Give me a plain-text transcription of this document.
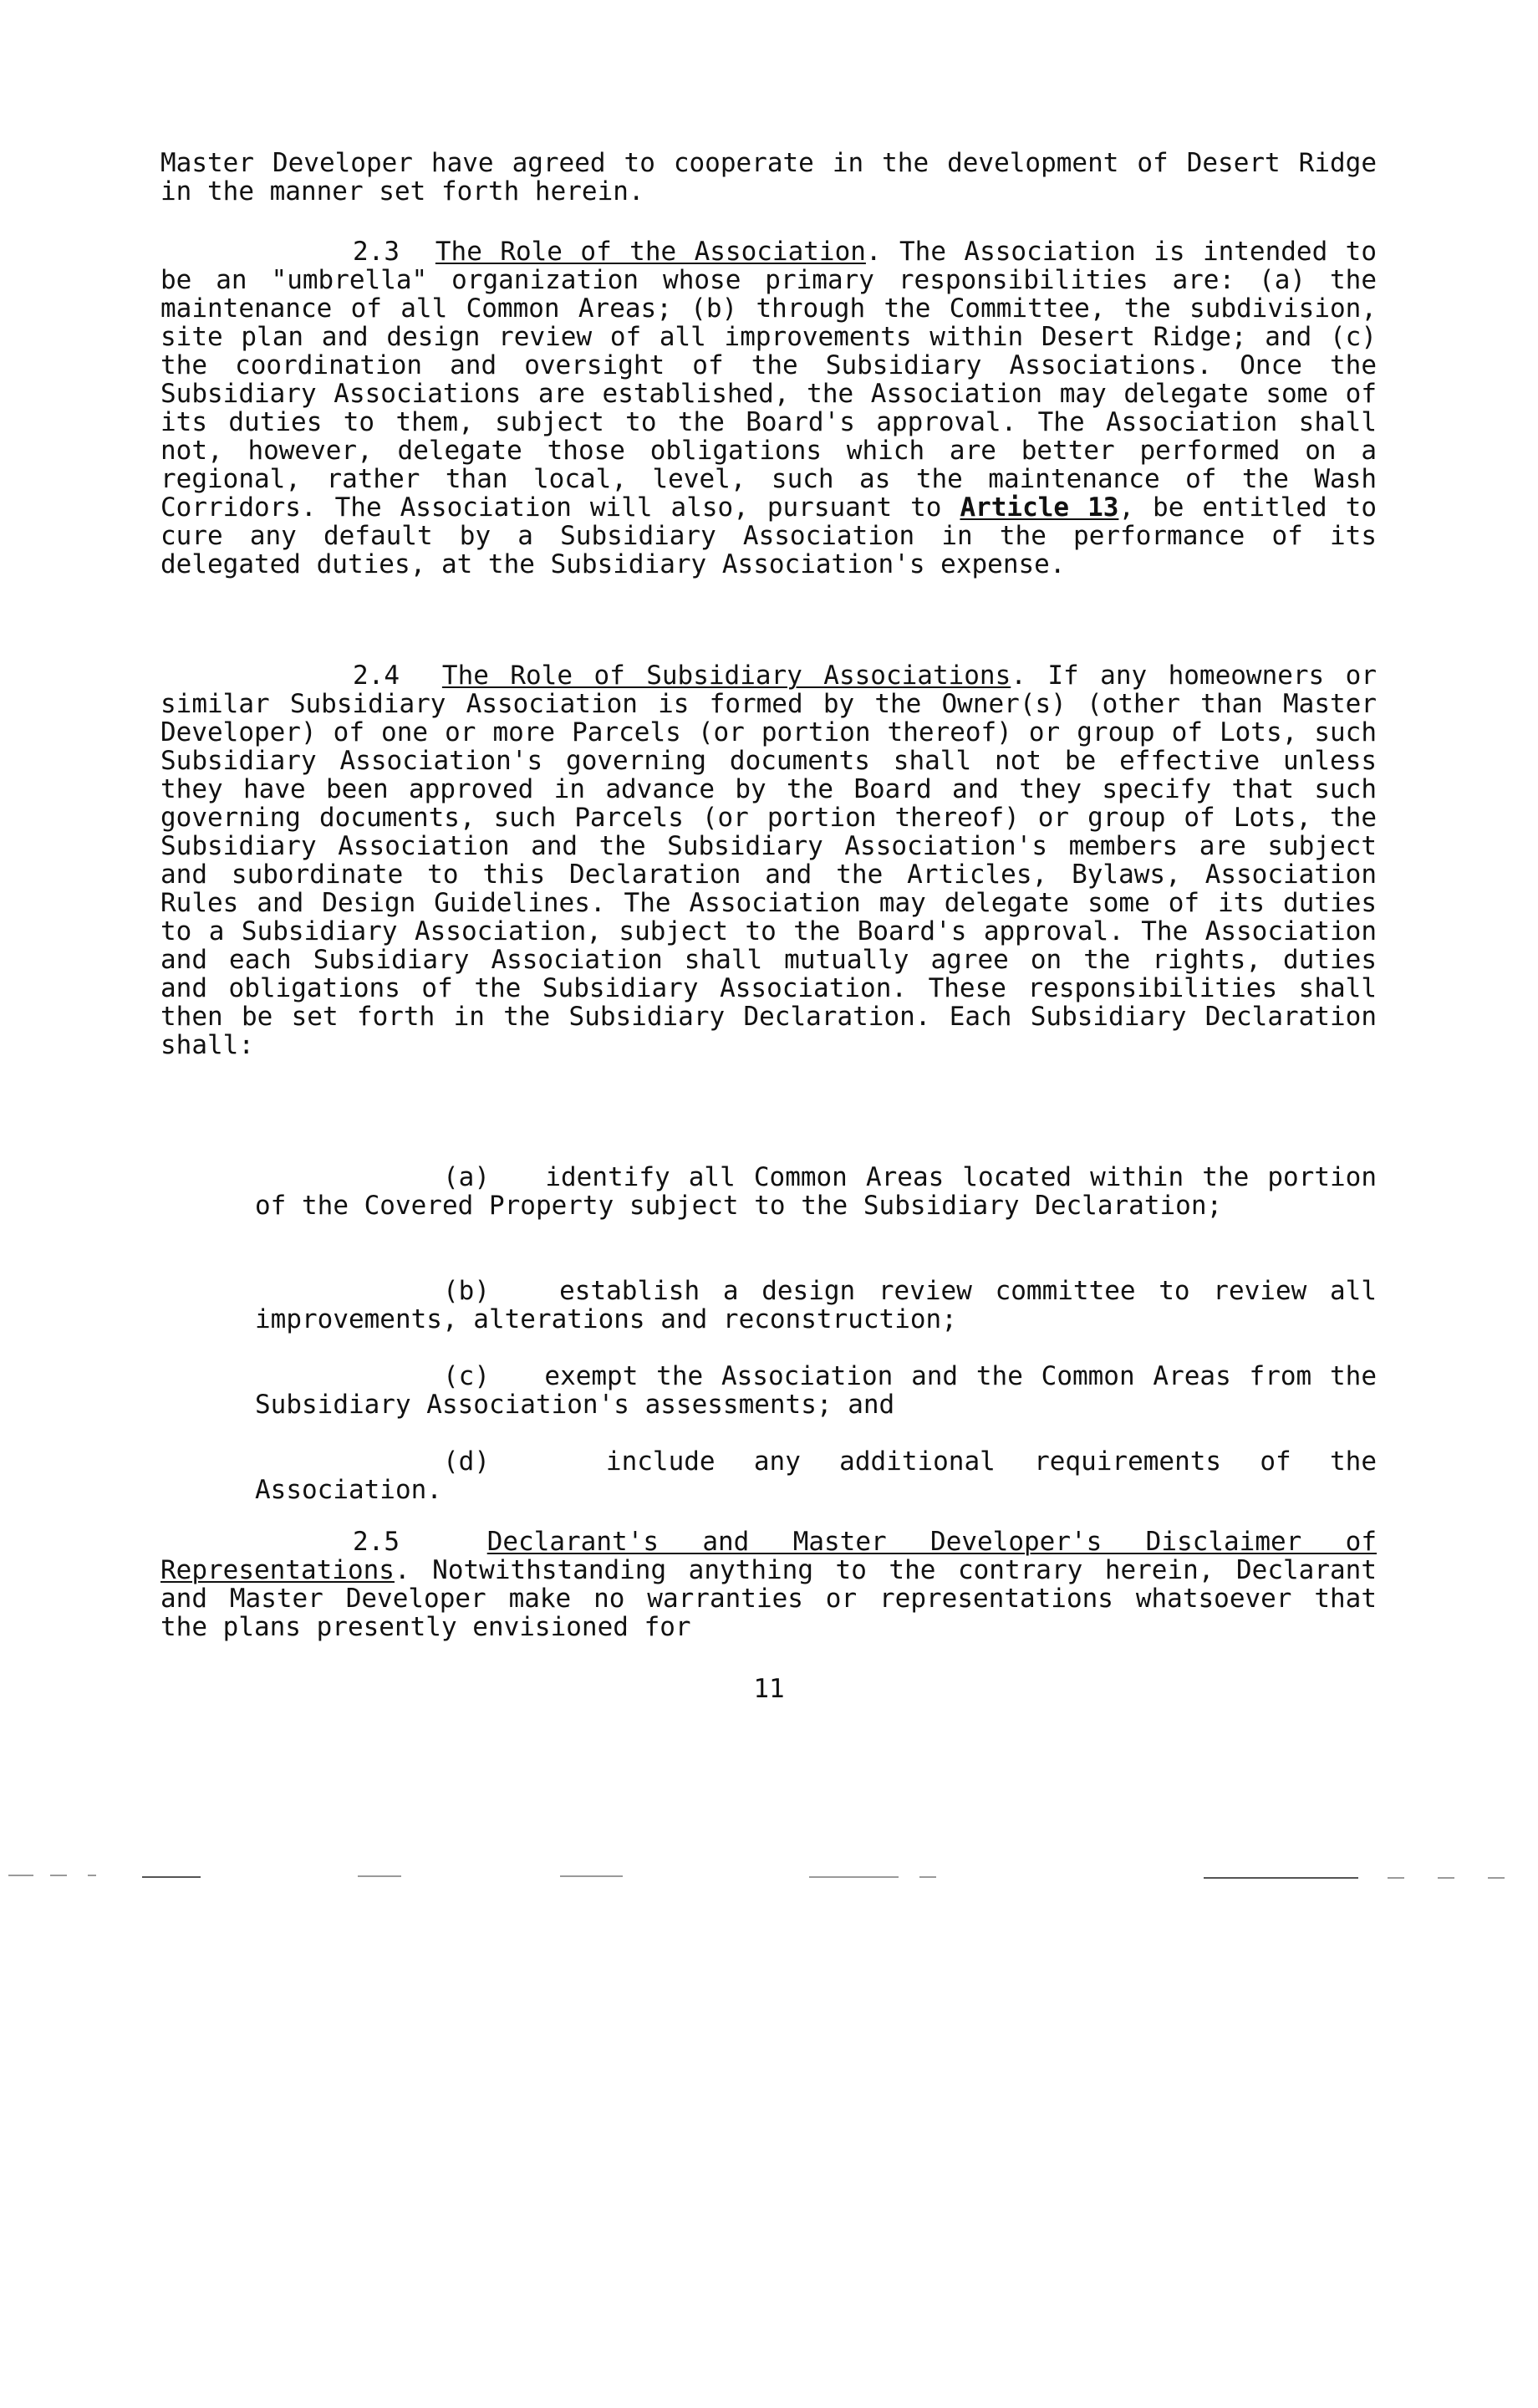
Master Developer have agreed to cooperate in the development of Desert Ridge in the manner set forth herein.

2.3 The Role of the Association. The Association is intended to be an "umbrella" organization whose primary responsibilities are: (a) the maintenance of all Common Areas; (b) through the Committee, the subdivision, site plan and design review of all improvements within Desert Ridge; and (c) the coordination and oversight of the Subsidiary Associations. Once the Subsidiary Associations are established, the Association may delegate some of its duties to them, subject to the Board's approval. The Association shall not, however, delegate those obligations which are better performed on a regional, rather than local, level, such as the maintenance of the Wash Corridors. The Association will also, pursuant to Article 13, be entitled to cure any default by a Subsidiary Association in the performance of its delegated duties, at the Subsidiary Association's expense.

2.4 The Role of Subsidiary Associations. If any homeowners or similar Subsidiary Association is formed by the Owner(s) (other than Master Developer) of one or more Parcels (or portion thereof) or group of Lots, such Subsidiary Association's governing documents shall not be effective unless they have been approved in advance by the Board and they specify that such governing documents, such Parcels (or portion thereof) or group of Lots, the Subsidiary Association and the Subsidiary Association's members are subject and subordinate to this Declaration and the Articles, Bylaws, Association Rules and Design Guidelines. The Association may delegate some of its duties to a Subsidiary Association, subject to the Board's approval. The Association and each Subsidiary Association shall mutually agree on the rights, duties and obligations of the Subsidiary Association. These responsibilities shall then be set forth in the Subsidiary Declaration. Each Subsidiary Declaration shall:

(a) identify all Common Areas located within the portion of the Covered Property subject to the Subsidiary Declaration;

(b)	establish a design review committee to review all improvements, alterations and reconstruction;

(c) exempt the Association and the Common Areas from the Subsidiary Association's assessments; and

(d)	include any additional requirements of the Association.

2.5	Declarant's and Master Developer's Disclaimer of Representations. Notwithstanding anything to the contrary herein, Declarant and Master Developer make no warranties or representations whatsoever that the plans presently envisioned for

11
